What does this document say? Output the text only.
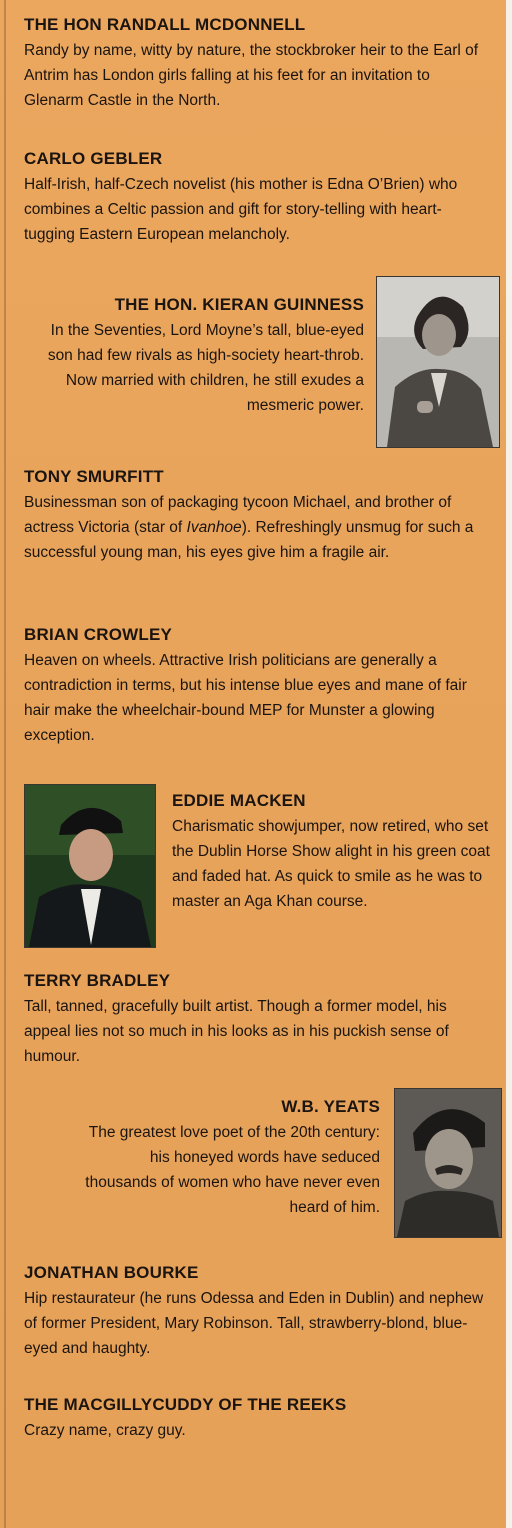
THE HON RANDALL MCDONNELL

Randy by name, witty by nature, the stockbroker heir to the Earl of Antrim has London girls falling at his feet for an invitation to Glenarm Castle in the North.

CARLO GEBLER

Half-Irish, half-Czech novelist (his mother is Edna O’Brien) who combines a Celtic passion and gift for story-telling with heart-tugging Eastern European melancholy.

THE HON. KIERAN GUINNESS

In the Seventies, Lord Moyne’s tall, blue-eyed son had few rivals as high-society heart-throb. Now married with children, he still exudes a mesmeric power.

TONY SMURFITT

Businessman son of packaging tycoon Michael, and brother of actress Victoria (star of Ivanhoe). Refreshingly unsmug for such a successful young man, his eyes give him a fragile air.

BRIAN CROWLEY

Heaven on wheels. Attractive Irish politicians are generally a contradiction in terms, but his intense blue eyes and mane of fair hair make the wheelchair-bound MEP for Munster a glowing exception.

EDDIE MACKEN

Charismatic showjumper, now retired, who set the Dublin Horse Show alight in his green coat and faded hat. As quick to smile as he was to master an Aga Khan course.

TERRY BRADLEY

Tall, tanned, gracefully built artist. Though a former model, his appeal lies not so much in his looks as in his puckish sense of humour.

W.B. YEATS

The greatest love poet of the 20th century: his honeyed words have seduced thousands of women who have never even heard of him.

JONATHAN BOURKE

Hip restaurateur (he runs Odessa and Eden in Dublin) and nephew of former President, Mary Robinson. Tall, strawberry-blond, blue-eyed and haughty.

THE MACGILLYCUDDY OF THE REEKS

Crazy name, crazy guy.
